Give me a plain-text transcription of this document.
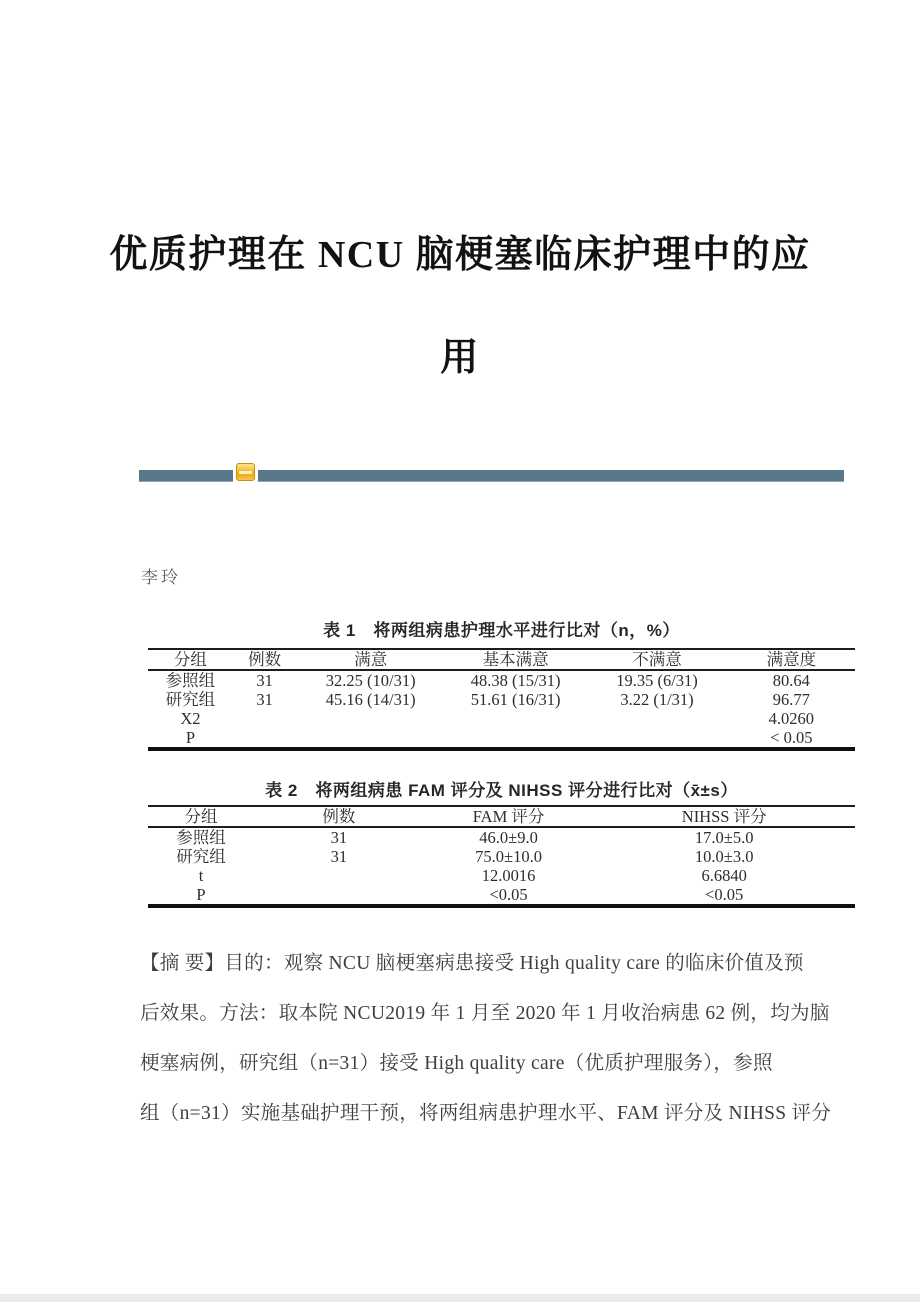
优质护理在 NCU 脑梗塞临床护理中的应
用
李玲
表 1　将两组病患护理水平进行比对（n，%）
分组	例数	满意	基本满意	不满意	满意度
参照组	31	32.25 (10/31)	48.38 (15/31)	19.35 (6/31)	80.64
研究组	31	45.16 (14/31)	51.61 (16/31)	3.22 (1/31)	96.77
X2					4.0260
P					< 0.05
表 2　将两组病患 FAM 评分及 NIHSS 评分进行比对（x̄±s）
分组	例数	FAM 评分	NIHSS 评分
参照组	31	46.0±9.0	17.0±5.0
研究组	31	75.0±10.0	10.0±3.0
t		12.0016	6.6840
P		<0.05	<0.05
【摘 要】目的：观察 NCU 脑梗塞病患接受 High quality care 的临床价值及预
后效果。方法：取本院 NCU2019 年 1 月至 2020 年 1 月收治病患 62 例，均为脑
梗塞病例，研究组（n=31）接受 High quality care（优质护理服务），参照
组（n=31）实施基础护理干预，将两组病患护理水平、FAM 评分及 NIHSS 评分
